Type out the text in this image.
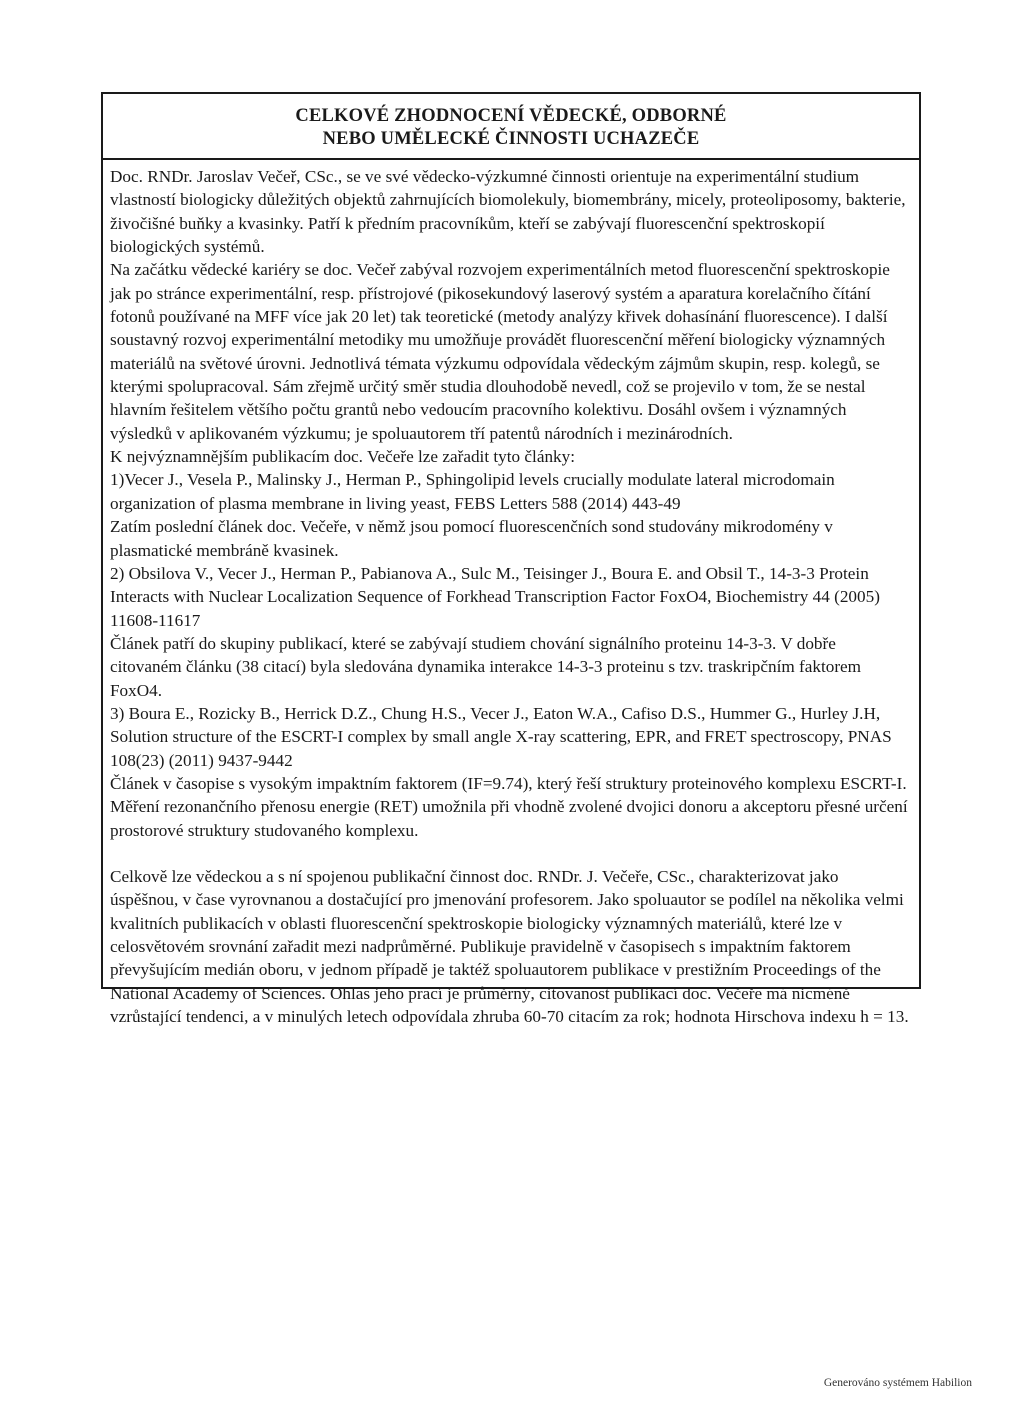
CELKOVÉ ZHODNOCENÍ VĚDECKÉ, ODBORNÉ
NEBO UMĚLECKÉ ČINNOSTI UCHAZEČE

Doc. RNDr. Jaroslav Večeř, CSc., se ve své vědecko-výzkumné činnosti orientuje na experimentální studium vlastností biologicky důležitých objektů zahrnujících biomolekuly, biomembrány, micely, proteoliposomy, bakterie, živočišné buňky a kvasinky. Patří k předním pracovníkům, kteří se zabývají fluorescenční spektroskopií biologických systémů.

Na začátku vědecké kariéry se doc. Večeř zabýval rozvojem experimentálních metod fluorescenční spektroskopie jak po stránce experimentální, resp. přístrojové (pikosekundový laserový systém a aparatura korelačního čítání fotonů používané na MFF více jak 20 let) tak teoretické (metody analýzy křivek dohasínání fluorescence). I další soustavný rozvoj experimentální metodiky mu umožňuje provádět fluorescenční měření biologicky významných materiálů na světové úrovni. Jednotlivá témata výzkumu odpovídala vědeckým zájmům skupin, resp. kolegů, se kterými spolupracoval. Sám zřejmě určitý směr studia dlouhodobě nevedl, což se projevilo v tom, že se nestal hlavním řešitelem většího počtu grantů nebo vedoucím pracovního kolektivu. Dosáhl ovšem i významných výsledků v aplikovaném výzkumu; je spoluautorem tří patentů národních i mezinárodních.

K nejvýznamnějším publikacím doc. Večeře lze zařadit tyto články:

1)Vecer J., Vesela P., Malinsky J., Herman P., Sphingolipid levels crucially modulate lateral microdomain organization of plasma membrane in living yeast, FEBS Letters 588 (2014) 443-49

Zatím poslední článek doc. Večeře, v němž jsou pomocí fluorescenčních sond studovány mikrodomény v plasmatické membráně kvasinek.

2) Obsilova V., Vecer J., Herman P., Pabianova A., Sulc M., Teisinger J., Boura E. and Obsil T., 14-3-3 Protein Interacts with Nuclear Localization Sequence of Forkhead Transcription Factor FoxO4, Biochemistry 44 (2005) 11608-11617

Článek patří do skupiny publikací, které se zabývají studiem chování signálního proteinu 14-3-3. V dobře citovaném článku (38 citací) byla sledována dynamika interakce 14-3-3 proteinu s tzv. traskripčním faktorem FoxO4.

3) Boura E., Rozicky B., Herrick D.Z., Chung H.S., Vecer J., Eaton W.A., Cafiso D.S., Hummer G., Hurley J.H, Solution structure of the ESCRT-I complex by small angle X-ray scattering, EPR, and FRET spectroscopy, PNAS 108(23) (2011) 9437-9442

Článek v časopise s vysokým impaktním faktorem (IF=9.74), který řeší struktury proteinového komplexu ESCRT-I. Měření rezonančního přenosu energie (RET) umožnila při vhodně zvolené dvojici donoru a akceptoru přesné určení prostorové struktury studovaného komplexu.

Celkově lze vědeckou a s ní spojenou publikační činnost doc. RNDr. J. Večeře, CSc., charakterizovat jako úspěšnou, v čase vyrovnanou a dostačující pro jmenování profesorem. Jako spoluautor se podílel na několika velmi kvalitních publikacích v oblasti fluorescenční spektroskopie biologicky významných materiálů, které lze v celosvětovém srovnání zařadit mezi nadprůměrné. Publikuje pravidelně v časopisech s impaktním faktorem převyšujícím medián oboru, v jednom případě je taktéž spoluautorem publikace v prestižním Proceedings of the National Academy of Sciences. Ohlas jeho prací je průměrný, citovanost publikací doc. Večeře má nicméně vzrůstající tendenci, a v minulých letech odpovídala zhruba 60-70 citacím za rok; hodnota Hirschova indexu h = 13.

Generováno systémem Habilion
